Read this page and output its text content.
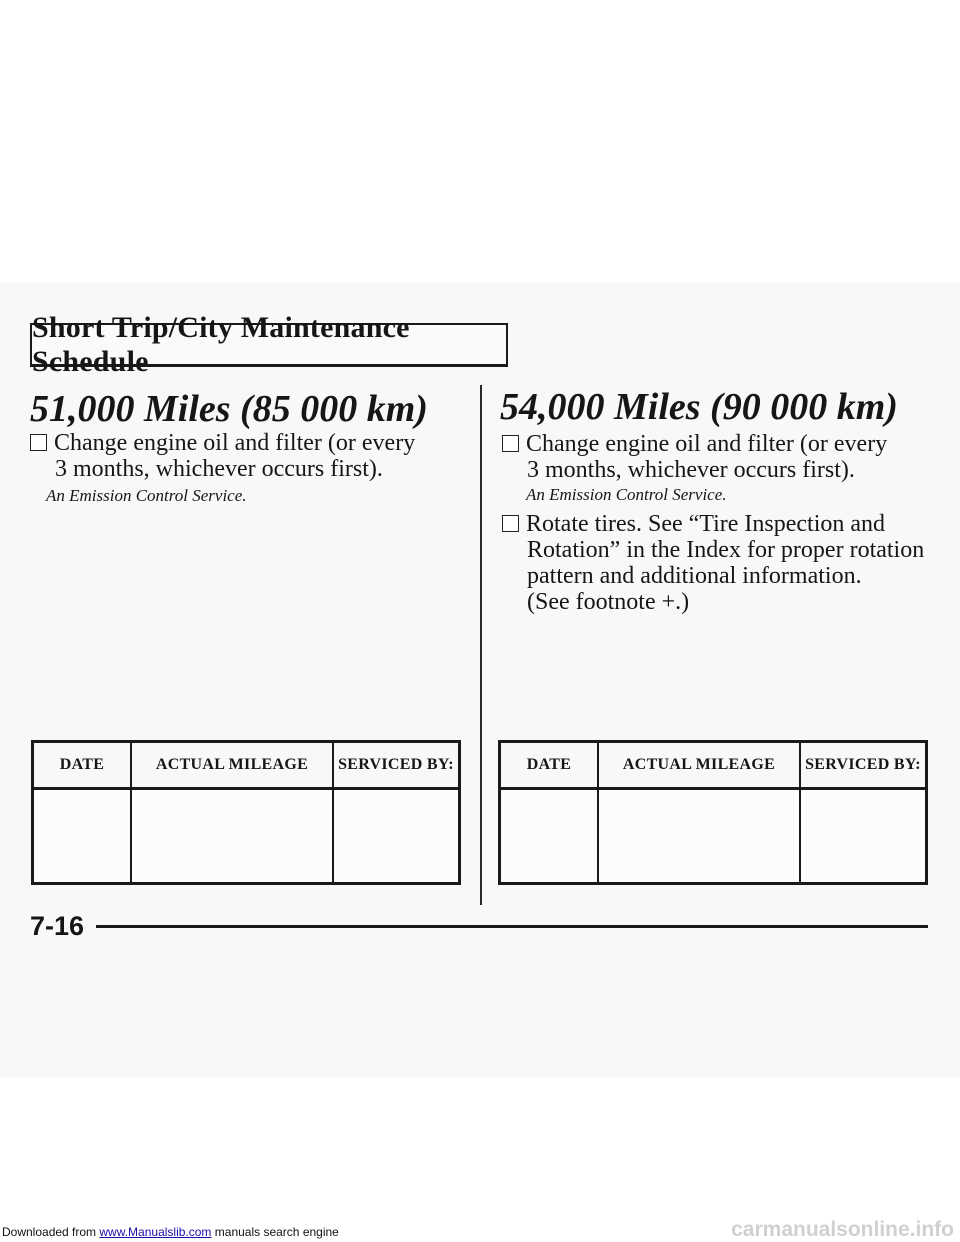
Short Trip/City Maintenance Schedule
51,000 Miles (85 000 km)

Change engine oil and filter (or every
3 months, whichever occurs first).

An Emission Control Service.

DATE	ACTUAL MILEAGE	SERVICED BY:

54,000 Miles (90 000 km)

Change engine oil and filter (or every
3 months, whichever occurs first).

An Emission Control Service.

Rotate tires. See “Tire Inspection and
Rotation” in the Index for proper rotation
pattern and additional information.
(See footnote +.)

DATE	ACTUAL MILEAGE	SERVICED BY:

7-16

Downloaded from www.Manualslib.com manuals search engine	carmanualsonline.info
